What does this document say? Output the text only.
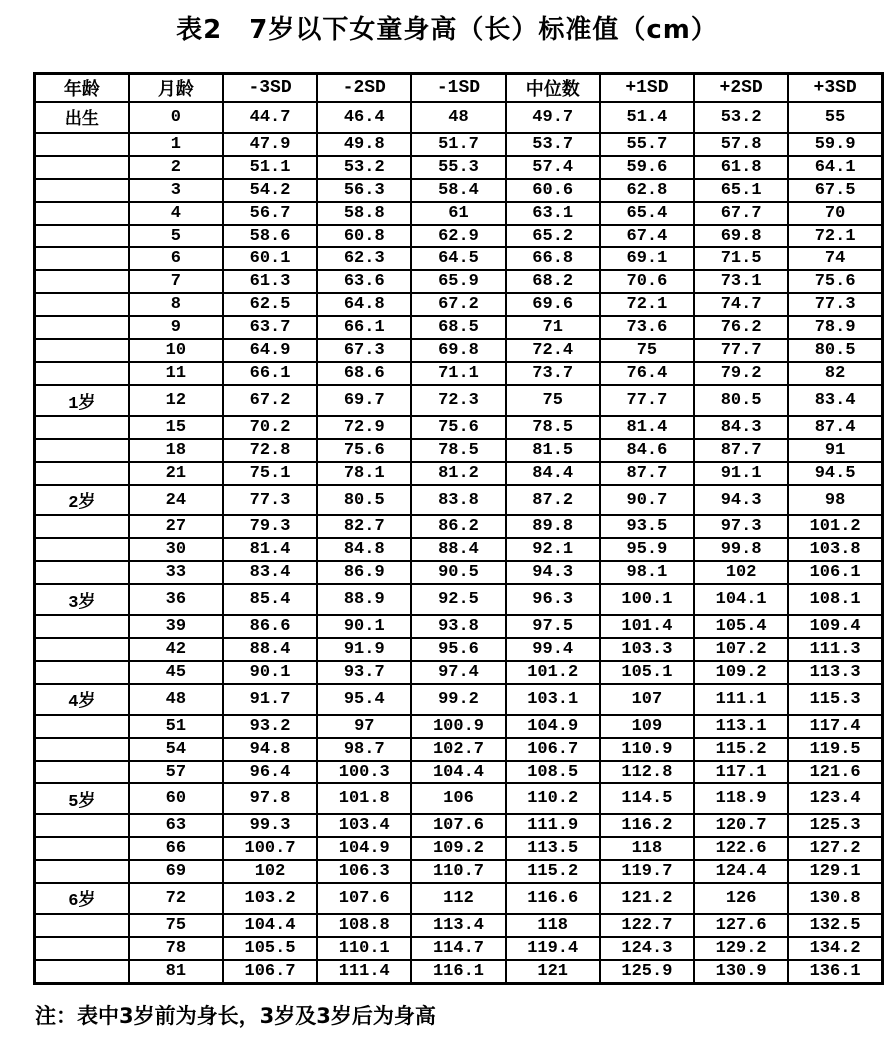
表2　7岁以下女童身高（长）标准值（cm）
年龄	月龄	-3SD	-2SD	-1SD	中位数	+1SD	+2SD	+3SD
出生	0	44.7	46.4	48	49.7	51.4	53.2	55
	1	47.9	49.8	51.7	53.7	55.7	57.8	59.9
	2	51.1	53.2	55.3	57.4	59.6	61.8	64.1
	3	54.2	56.3	58.4	60.6	62.8	65.1	67.5
	4	56.7	58.8	61	63.1	65.4	67.7	70
	5	58.6	60.8	62.9	65.2	67.4	69.8	72.1
	6	60.1	62.3	64.5	66.8	69.1	71.5	74
	7	61.3	63.6	65.9	68.2	70.6	73.1	75.6
	8	62.5	64.8	67.2	69.6	72.1	74.7	77.3
	9	63.7	66.1	68.5	71	73.6	76.2	78.9
	10	64.9	67.3	69.8	72.4	75	77.7	80.5
	11	66.1	68.6	71.1	73.7	76.4	79.2	82
1岁	12	67.2	69.7	72.3	75	77.7	80.5	83.4
	15	70.2	72.9	75.6	78.5	81.4	84.3	87.4
	18	72.8	75.6	78.5	81.5	84.6	87.7	91
	21	75.1	78.1	81.2	84.4	87.7	91.1	94.5
2岁	24	77.3	80.5	83.8	87.2	90.7	94.3	98
	27	79.3	82.7	86.2	89.8	93.5	97.3	101.2
	30	81.4	84.8	88.4	92.1	95.9	99.8	103.8
	33	83.4	86.9	90.5	94.3	98.1	102	106.1
3岁	36	85.4	88.9	92.5	96.3	100.1	104.1	108.1
	39	86.6	90.1	93.8	97.5	101.4	105.4	109.4
	42	88.4	91.9	95.6	99.4	103.3	107.2	111.3
	45	90.1	93.7	97.4	101.2	105.1	109.2	113.3
4岁	48	91.7	95.4	99.2	103.1	107	111.1	115.3
	51	93.2	97	100.9	104.9	109	113.1	117.4
	54	94.8	98.7	102.7	106.7	110.9	115.2	119.5
	57	96.4	100.3	104.4	108.5	112.8	117.1	121.6
5岁	60	97.8	101.8	106	110.2	114.5	118.9	123.4
	63	99.3	103.4	107.6	111.9	116.2	120.7	125.3
	66	100.7	104.9	109.2	113.5	118	122.6	127.2
	69	102	106.3	110.7	115.2	119.7	124.4	129.1
6岁	72	103.2	107.6	112	116.6	121.2	126	130.8
	75	104.4	108.8	113.4	118	122.7	127.6	132.5
	78	105.5	110.1	114.7	119.4	124.3	129.2	134.2
	81	106.7	111.4	116.1	121	125.9	130.9	136.1
注：表中3岁前为身长，3岁及3岁后为身高
